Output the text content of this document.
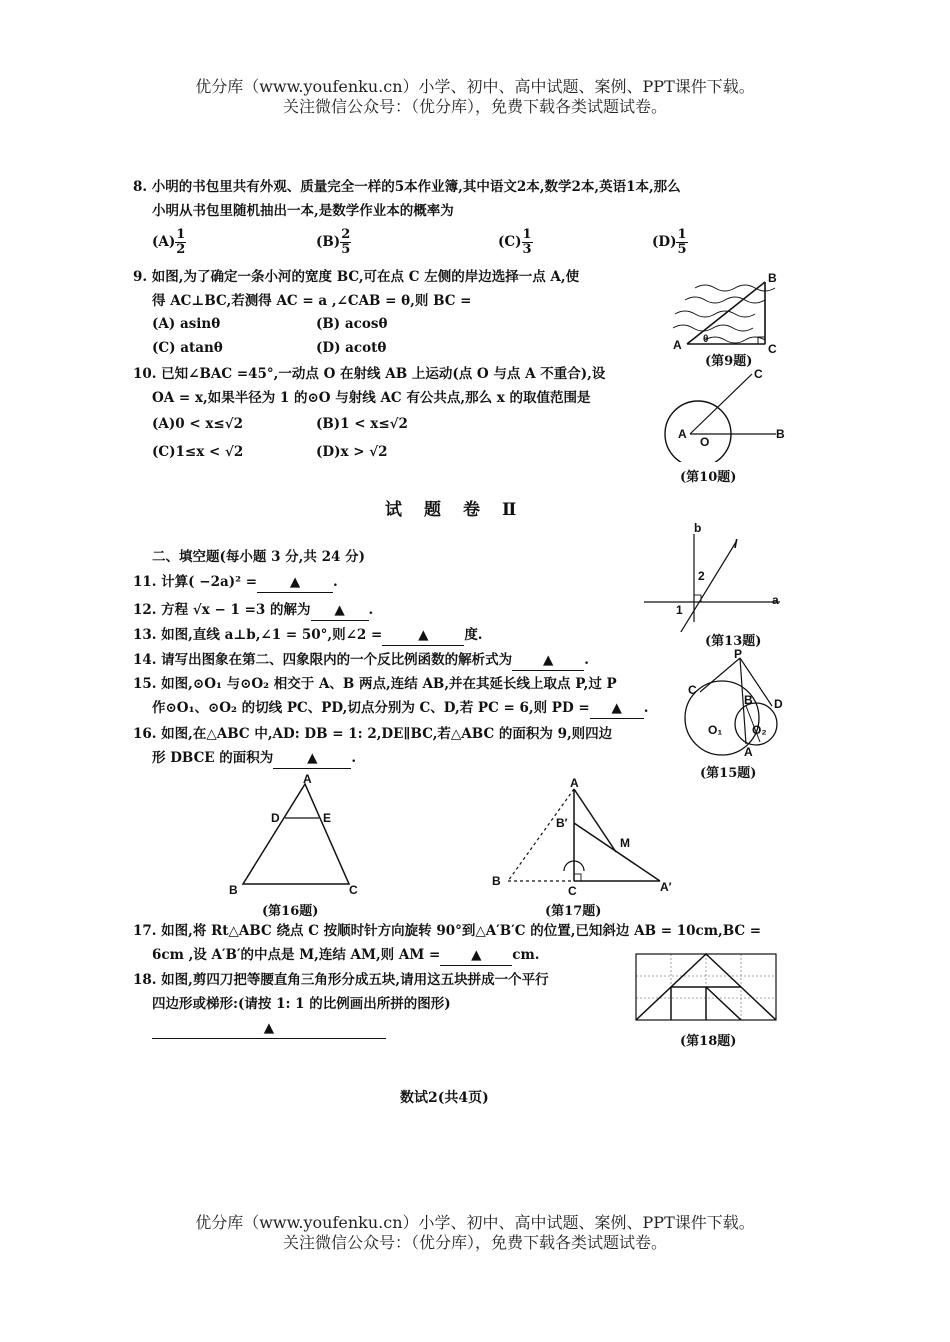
优分库（www.youfenku.cn）小学、初中、高中试题、案例、PPT课件下载。
关注微信公众号：（优分库），免费下载各类试题试卷。
8. 小明的书包里共有外观、质量完全一样的5本作业簿,其中语文2本,数学2本,英语1本,那么
小明从书包里随机抽出一本,是数学作业本的概率为
$(A) \frac{1}{2}$	$(B) \frac{2}{5}$	$(C) \frac{1}{3}$	$(D) \frac{1}{5}$
9. 如图,为了确定一条小河的宽度 BC,可在点 C 左侧的岸边选择一点 A,使
得 AC⊥BC,若测得 AC = a ,∠CAB = θ,则 BC =
(A) asinθ	(B) acosθ
(C) atanθ	(D) acotθ	A
B
C
θ
(第9题)
10. 已知∠BAC =45°,一动点 O 在射线 AB 上运动(点 O 与点 A 不重合),设
OA = x,如果半径为 1 的⊙O 与射线 AC 有公共点,那么 x 的取值范围是
(A)0 < x≤√2	(B)1 < x≤√2
(C)1≤x < √2	(D)x > √2
A
O
B
C
(第10题)
试题卷Ⅱ
二、填空题(每小题 3 分,共 24 分)
11. 计算( −2a)² = ▲ .
12. 方程 √x − 1 =3 的解为 ▲ .
13. 如图,直线 a⊥b,∠1 = 50°,则∠2 =	▲	度.
b
a
l
2
1
(第13题)
14. 请写出图象在第二、四象限内的一个反比例函数的解析式为 ▲ .
15. 如图,⊙O₁ 与⊙O₂ 相交于 A、B 两点,连结 AB,并在其延长线上取点 P,过 P
作⊙O₁、⊙O₂ 的切线 PC、PD,切点分别为 C、D,若 PC = 6,则 PD = ▲ .
P
C
B D
O₁ O₂
A
(第15题)
16. 如图,在△ABC 中,AD: DB = 1: 2,DE∥BC,若△ABC 的面积为 9,则四边
形 DBCE 的面积为	▲	.
A
D	E
B	C
(第16题)
A
B′
M
B
C	A′
(第17题)
17. 如图,将 Rt△ABC 绕点 C 按顺时针方向旋转 90°到△A′B′C 的位置,已知斜边 AB = 10cm,BC =
6cm ,设 A′B′的中点是 M,连结 AM,则 AM = ▲ cm.
18. 如图,剪四刀把等腰直角三角形分成五块,请用这五块拼成一个平行
四边形或梯形:(请按 1: 1 的比例画出所拼的图形)
▲
(第18题)
数试2(共4页)
优分库（www.youfenku.cn）小学、初中、高中试题、案例、PPT课件下载。
关注微信公众号：（优分库），免费下载各类试题试卷。
